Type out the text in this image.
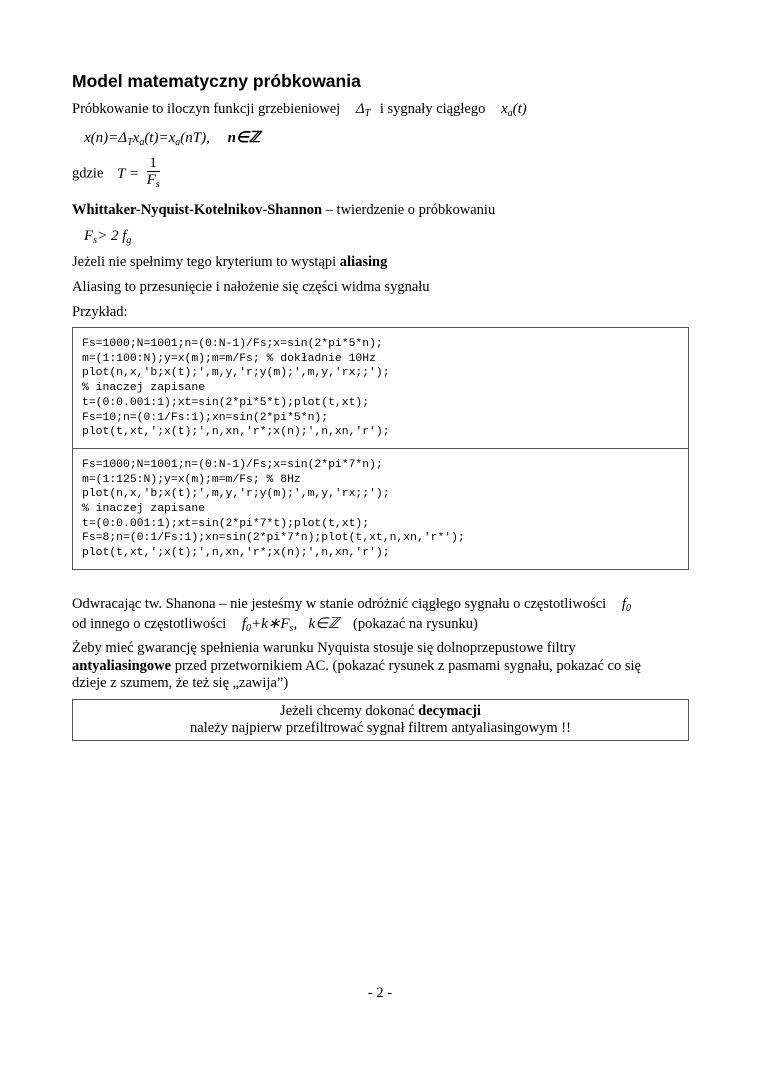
Model matematyczny próbkowania
Próbkowanie to iloczyn funkcji grzebieniowej $\Delta_T$ i sygnały ciągłego $x_a(t)$
$x(n)=\Delta_Tx_a(t)=x_a(nT)$, n∈ℤ
gdzie $T = \frac{1}{F_s}$
Whittaker-Nyquist-Kotelnikov-Shannon – twierdzenie o próbkowaniu
$F_s> 2$ $f_g$
Jeżeli nie spełnimy tego kryterium to wystąpi aliasing
Aliasing to przesunięcie i nałożenie się części widma sygnału
Przykład:
Fs=1000;N=1001;n=(0:N-1)/Fs;x=sin(2*pi*5*n);
m=(1:100:N);y=x(m);m=m/Fs; % dokładnie 10Hz
plot(n,x,'b;x(t);',m,y,'r;y(m);',m,y,'rx;;');
% inaczej zapisane
t=(0:0.001:1);xt=sin(2*pi*5*t);plot(t,xt);
Fs=10;n=(0:1/Fs:1);xn=sin(2*pi*5*n);
plot(t,xt,';x(t);',n,xn,'r*;x(n);',n,xn,'r');
Fs=1000;N=1001;n=(0:N-1)/Fs;x=sin(2*pi*7*n);
m=(1:125:N);y=x(m);m=m/Fs; % 8Hz
plot(n,x,'b;x(t);',m,y,'r;y(m);',m,y,'rx;;');
% inaczej zapisane
t=(0:0.001:1);xt=sin(2*pi*7*t);plot(t,xt);
Fs=8;n=(0:1/Fs:1);xn=sin(2*pi*7*n);plot(t,xt,n,xn,'r*');
plot(t,xt,';x(t);',n,xn,'r*;x(n);',n,xn,'r');
Odwracając tw. Shanona – nie jesteśmy w stanie odróżnić ciągłego sygnału o częstotliwości $f_0$
od innego o częstotliwości $f_0+k∗F_s$,   k∈ℤ (pokazać na rysunku)
Żeby mieć gwarancję spełnienia warunku Nyquista stosuje się dolnoprzepustowe filtry
antyaliasingowe przed przetwornikiem AC. (pokazać rysunek z pasmami sygnału, pokazać co się
dzieje z szumem, że też się „zawija”)
Jeżeli chcemy dokonać decymacji
należy najpierw przefiltrować sygnał filtrem antyaliasingowym !!
- 2 -
